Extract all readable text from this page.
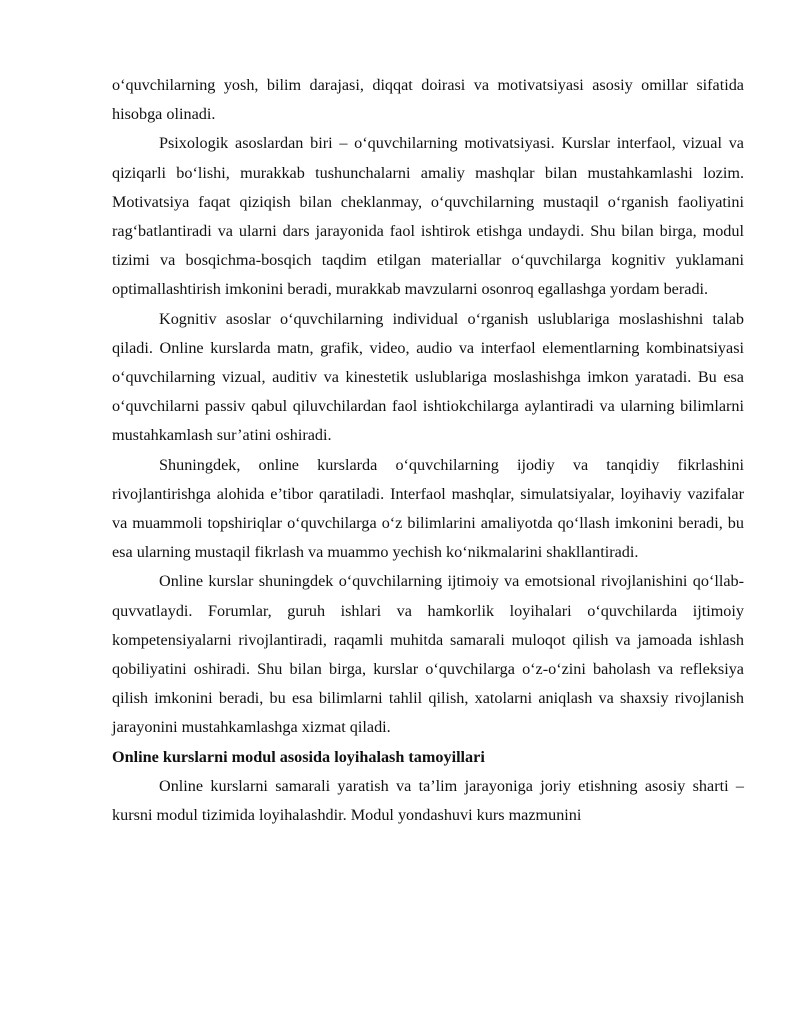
o‘quvchilarning yosh, bilim darajasi, diqqat doirasi va motivatsiyasi asosiy omillar sifatida hisobga olinadi.

Psixologik asoslardan biri – o‘quvchilarning motivatsiyasi. Kurslar interfaol, vizual va qiziqarli bo‘lishi, murakkab tushunchalarni amaliy mashqlar bilan mustahkamlashi lozim. Motivatsiya faqat qiziqish bilan cheklanmay, o‘quvchilarning mustaqil o‘rganish faoliyatini rag‘batlantiradi va ularni dars jarayonida faol ishtirok etishga undaydi. Shu bilan birga, modul tizimi va bosqichma-bosqich taqdim etilgan materiallar o‘quvchilarga kognitiv yuklamani optimallashtirish imkonini beradi, murakkab mavzularni osonroq egallashga yordam beradi.

Kognitiv asoslar o‘quvchilarning individual o‘rganish uslublariga moslashishni talab qiladi. Online kurslarda matn, grafik, video, audio va interfaol elementlarning kombinatsiyasi o‘quvchilarning vizual, auditiv va kinestetik uslublariga moslashishga imkon yaratadi. Bu esa o‘quvchilarni passiv qabul qiluvchilardan faol ishtiokchilarga aylantiradi va ularning bilimlarni mustahkamlash sur’atini oshiradi.

Shuningdek, online kurslarda o‘quvchilarning ijodiy va tanqidiy fikrlashini rivojlantirishga alohida e’tibor qaratiladi. Interfaol mashqlar, simulatsiyalar, loyihaviy vazifalar va muammoli topshiriqlar o‘quvchilarga o‘z bilimlarini amaliyotda qo‘llash imkonini beradi, bu esa ularning mustaqil fikrlash va muammo yechish ko‘nikmalarini shakllantiradi.

Online kurslar shuningdek o‘quvchilarning ijtimoiy va emotsional rivojlanishini qo‘llab-quvvatlaydi. Forumlar, guruh ishlari va hamkorlik loyihalari o‘quvchilarda ijtimoiy kompetensiyalarni rivojlantiradi, raqamli muhitda samarali muloqot qilish va jamoada ishlash qobiliyatini oshiradi. Shu bilan birga, kurslar o‘quvchilarga o‘z-o‘zini baholash va refleksiya qilish imkonini beradi, bu esa bilimlarni tahlil qilish, xatolarni aniqlash va shaxsiy rivojlanish jarayonini mustahkamlashga xizmat qiladi.

Online kurslarni modul asosida loyihalash tamoyillari

Online kurslarni samarali yaratish va ta’lim jarayoniga joriy etishning asosiy sharti – kursni modul tizimida loyihalashdir. Modul yondashuvi kurs mazmunini
